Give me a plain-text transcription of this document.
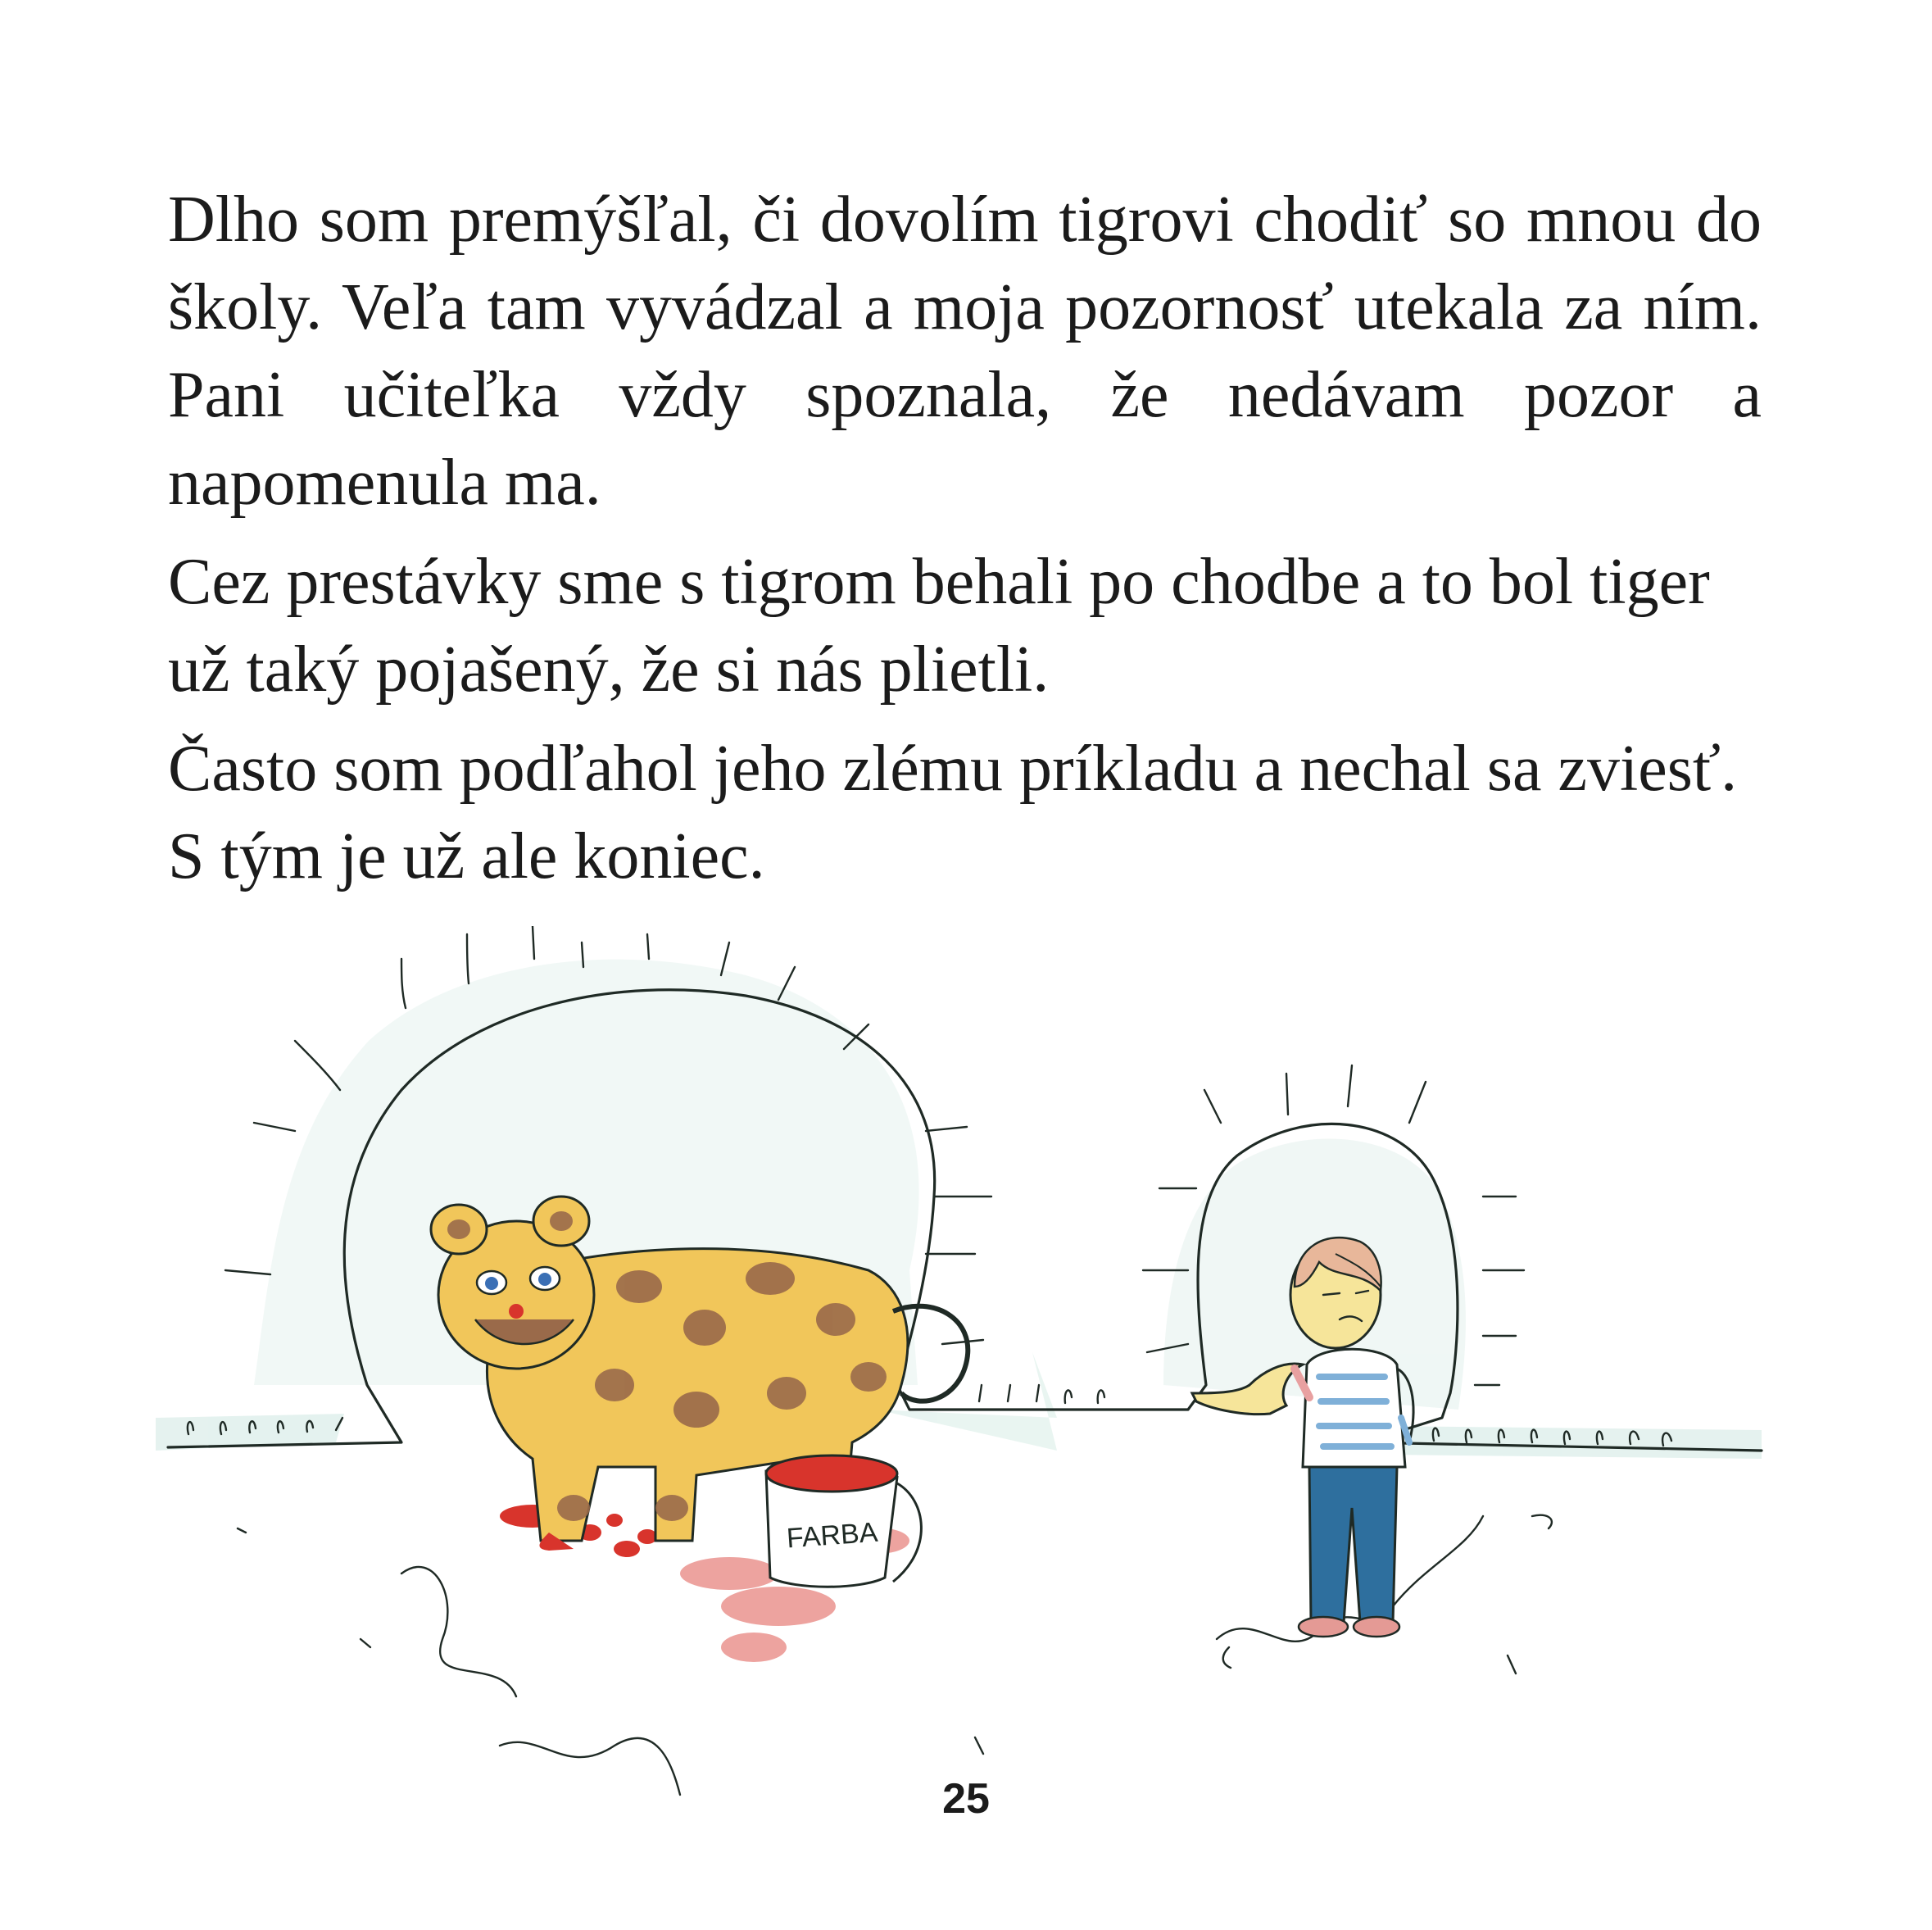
Dlho som premýšľal, či dovolím tigrovi chodiť so mnou do školy. Veľa tam vyvádzal a moja pozornosť utekala za ním. Pani učiteľka vždy spoznala, že nedávam pozor a napomenula ma.

Cez prestávky sme s tigrom behali po chodbe a to bol tiger už taký pojašený, že si nás plietli.

Často som podľahol jeho zlému príkladu a nechal sa zviesť. S tým je už ale koniec.

FARBA
25
